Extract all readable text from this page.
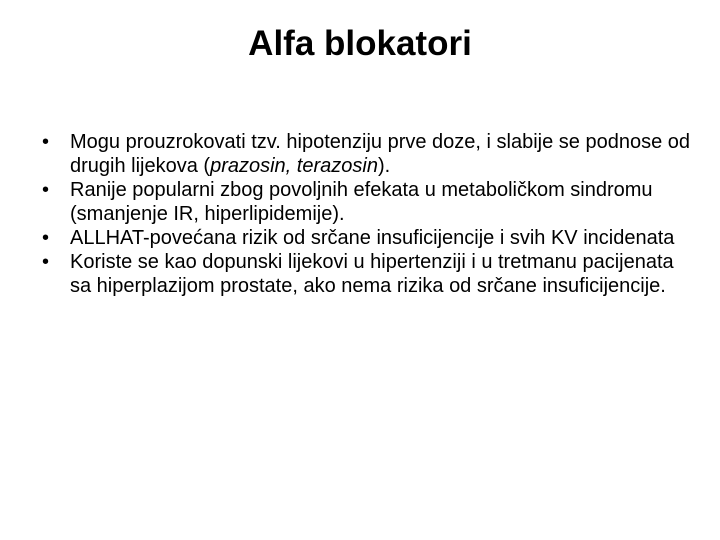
Alfa blokatori
•	Mogu prouzrokovati tzv. hipotenziju prve doze, i slabije se podnose od drugih lijekova (prazosin, terazosin).
•	Ranije popularni zbog povoljnih efekata u metaboličkom sindromu (smanjenje IR, hiperlipidemije).
•	ALLHAT-povećana rizik od srčane insuficijencije i svih KV incidenata
•	Koriste se kao dopunski lijekovi u hipertenziji i u tretmanu pacijenata sa hiperplazijom prostate, ako nema rizika od srčane insuficijencije.
